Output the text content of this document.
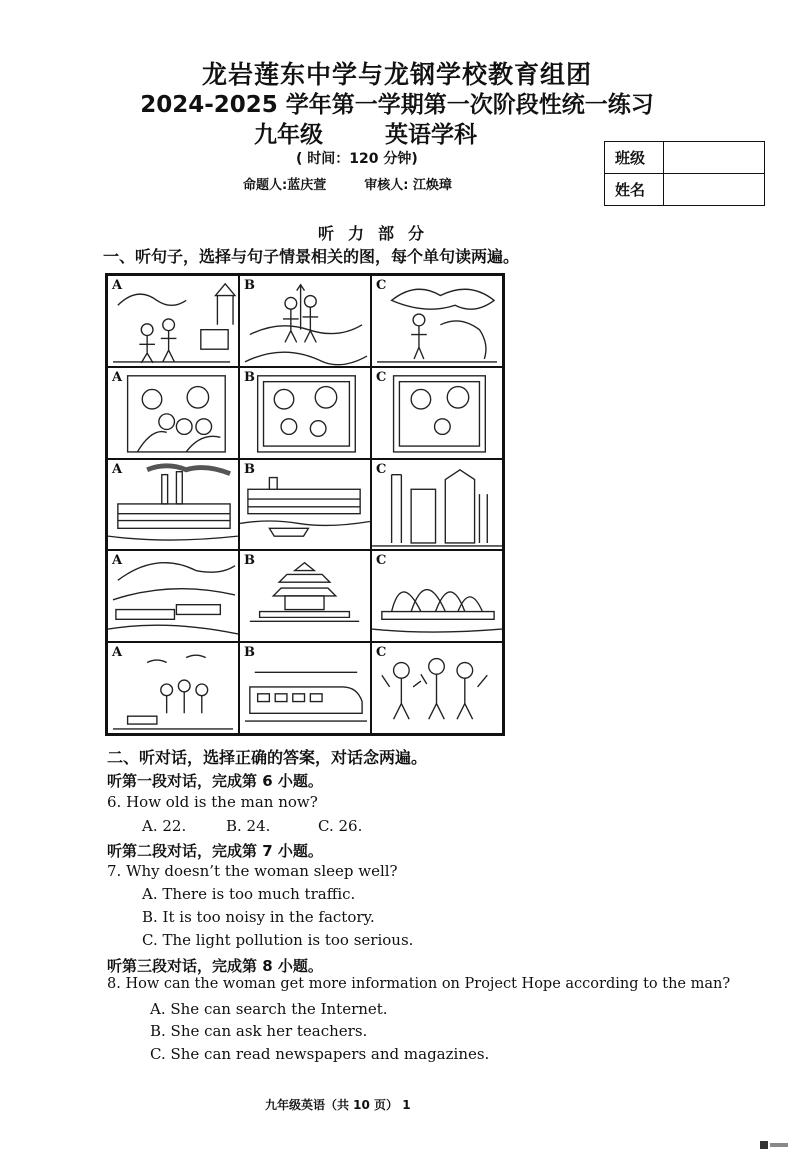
龙岩莲东中学与龙钢学校教育组团
2024-2025 学年第一学期第一次阶段性统一练习
九年级	英语学科
( 时间：120 分钟)
命题人:蓝庆萱	审核人: 江焕璋
班级	
姓名	
听力部分
一、听句子，选择与句子情景相关的图，每个单句读两遍。
A	B	C
A	B	C
A	B	C
A	B	C
A	B	C
二、听对话，选择正确的答案，对话念两遍。
听第一段对话，完成第 6 小题。
6. How old is the man now?
A. 22.	B. 24.	C. 26.
听第二段对话，完成第 7 小题。
7. Why doesn’t the woman sleep well?
A. There is too much traffic.
B. It is too noisy in the factory.
C. The light pollution is too serious.
听第三段对话，完成第 8 小题。
8. How can the woman get more information on Project Hope according to the man?
A. She can search the Internet.
B. She can ask her teachers.
C. She can read newspapers and magazines.
九年级英语（共 10 页） 1
